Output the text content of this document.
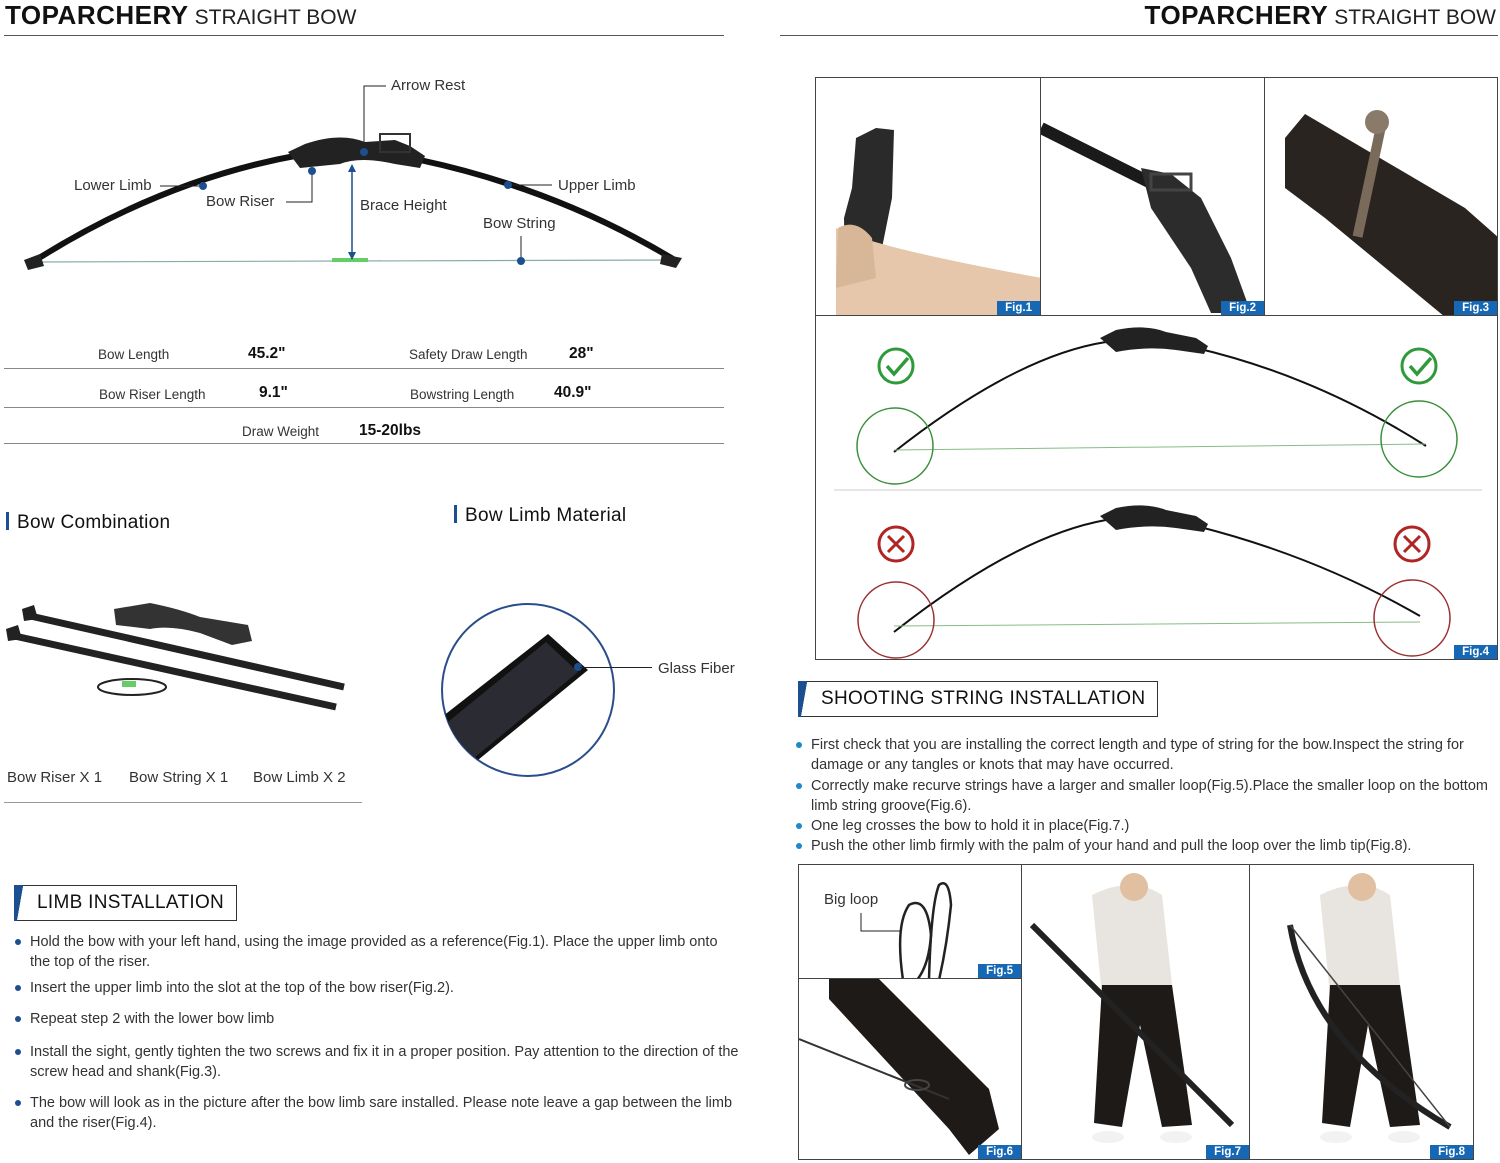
TOPARCHERY STRAIGHT BOW
Arrow Rest
Lower Limb
Bow Riser	Brace Height
Upper Limb
Bow String
Bow Length	45.2"	Safety Draw Length	28"
Bow Riser Length	9.1"	Bowstring Length	40.9"
Draw Weight	15-20lbs
Bow Combination
Bow Riser X 1 Bow String X 1 Bow Limb X 2
Bow Limb Material
Glass Fiber
LIMB INSTALLATION
Hold the bow with your left hand, using the image provided as a reference(Fig.1). Place the upper limb onto the top of the riser.
Insert the upper limb into the slot at the top of the bow riser(Fig.2).
Repeat step 2 with the lower bow limb
Install the sight, gently tighten the two screws and fix it in a proper position. Pay attention to the direction of the screw head and shank(Fig.3).
The bow will look as in the picture after the bow limb sare installed. Please note leave a gap between the limb and the riser(Fig.4).
TOPARCHERY STRAIGHT BOW
Fig.1	Fig.2	Fig.3
Fig.4
SHOOTING STRING INSTALLATION
First check that you are installing the correct length and type of string for the bow.Inspect the string for damage or any tangles or knots that may have occurred.
Correctly make recurve strings have a larger and smaller loop(Fig.5).Place the smaller loop on the bottom limb string groove(Fig.6).
One leg crosses the bow to hold it in place(Fig.7.)
Push the other limb firmly with the palm of your hand and pull the loop over the limb tip(Fig.8).
Big loop
Fig.5
Fig.6	Fig.7	Fig.8
